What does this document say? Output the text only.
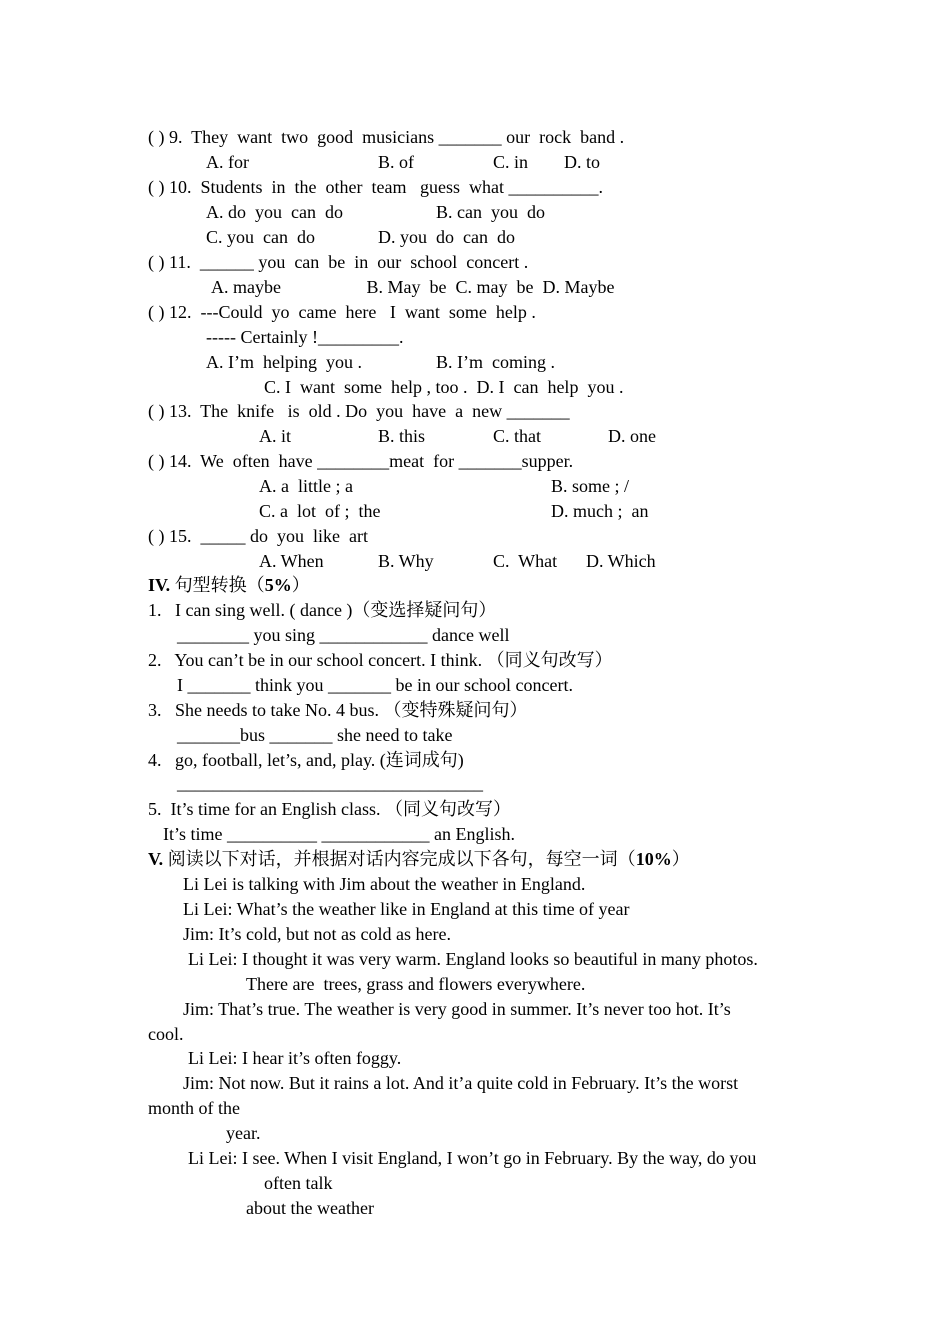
( ) 9.  They  want  two  good  musicians _______ our  rock  band .
A. for	B. of	C. in D. to
( ) 10.  Students  in  the  other  team   guess  what __________.
A. do  you  can  do	B. can  you  do
C. you  can  do	D. you  do  can  do
( ) 11.  ______ you  can  be  in  our  school  concert .
A. maybe                   B. May  be  C. may  be  D. Maybe
( ) 12.  ---Could  yo  came  here   I  want  some  help .
----- Certainly !_________.
A. I’m  helping  you .	B. I’m  coming .
C. I  want  some  help , too .  D. I  can  help  you .
( ) 13.  The  knife   is  old . Do  you  have  a  new _______
A. it	B. this	C. that	D. one
( ) 14.  We  often  have ________meat  for _______supper.
A. a  little ; a	B. some ; /
C. a  lot  of ;  the	D. much ;  an
( ) 15.  _____ do  you  like  art
A. When	B. Why	C.  What D. Which
IV. 句型转换（5%）
1.   I can sing well. ( dance )（变选择疑问句）
________ you sing ____________ dance well
2.   You can’t be in our school concert. I think. （同义句改写）
I _______ think you _______ be in our school concert.
3.   She needs to take No. 4 bus. （变特殊疑问句）
_______bus _______ she need to take
4.   go, football, let’s, and, play. (连词成句)
__________________________________
5.  It’s time for an English class. （同义句改写）
It’s time __________ ____________ an English.
V. 阅读以下对话，并根据对话内容完成以下各句，每空一词（10%）
Li Lei is talking with Jim about the weather in England.
Li Lei: What’s the weather like in England at this time of year
Jim: It’s cold, but not as cold as here.
Li Lei: I thought it was very warm. England looks so beautiful in many photos.
There are  trees, grass and flowers everywhere.
Jim: That’s true. The weather is very good in summer. It’s never too hot. It’s
cool.
Li Lei: I hear it’s often foggy.
Jim: Not now. But it rains a lot. And it’a quite cold in February. It’s the worst
month of the
year.
Li Lei: I see. When I visit England, I won’t go in February. By the way, do you
often talk
about the weather
